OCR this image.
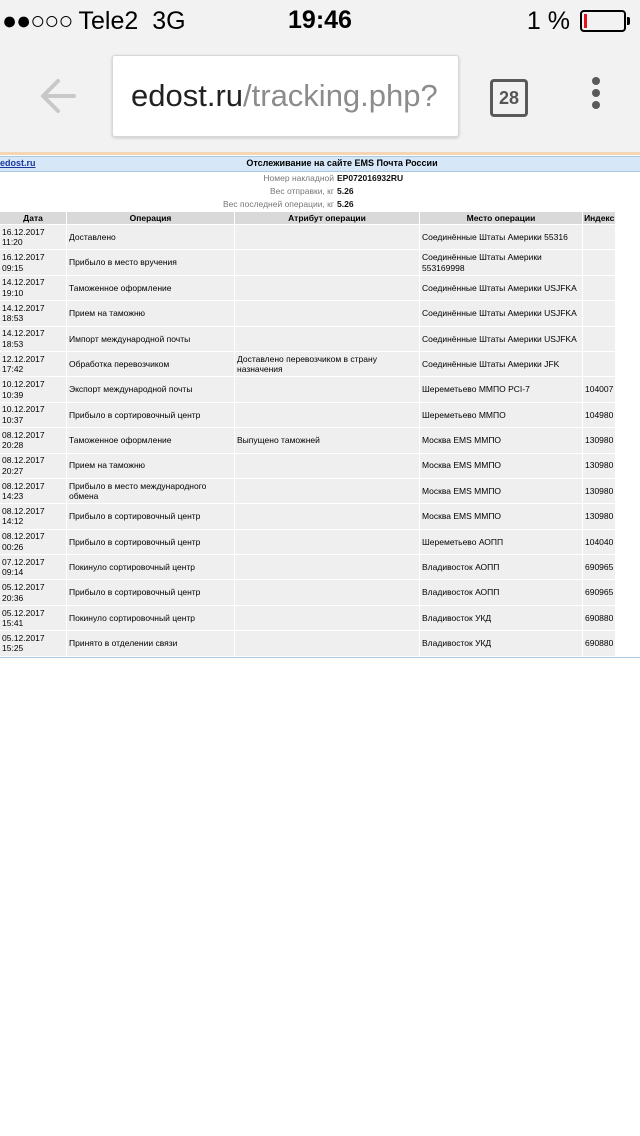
●●○○○ Tele2 3G	19:46	1 %
edost.ru/tracking.php?	28
Отслеживание на сайте EMS Почта России
edost.ru
Номер накладной EP072016932RU
Вес отправки, кг 5.26
Вес последней операции, кг 5.26
Дата	Операция	Атрибут операции	Место операции	Индекс
16.12.2017
11:20	Доставлено		Соединённые Штаты Америки 55316	
16.12.2017
09:15	Прибыло в место вручения		Соединённые Штаты Америки 553169998	
14.12.2017
19:10	Таможенное оформление		Соединённые Штаты Америки USJFKA	
14.12.2017
18:53	Прием на таможню		Соединённые Штаты Америки USJFKA	
14.12.2017
18:53	Импорт международной почты		Соединённые Штаты Америки USJFKA	
12.12.2017
17:42	Обработка перевозчиком	Доставлено перевозчиком в страну назначения	Соединённые Штаты Америки JFK	
10.12.2017
10:39	Экспорт международной почты		Шереметьево ММПО PCI-7	104007
10.12.2017
10:37	Прибыло в сортировочный центр		Шереметьево ММПО	104980
08.12.2017
20:28	Таможенное оформление	Выпущено таможней	Москва EMS ММПО	130980
08.12.2017
20:27	Прием на таможню		Москва EMS ММПО	130980
08.12.2017
14:23	Прибыло в место международного обмена		Москва EMS ММПО	130980
08.12.2017
14:12	Прибыло в сортировочный центр		Москва EMS ММПО	130980
08.12.2017
00:26	Прибыло в сортировочный центр		Шереметьево АОПП	104040
07.12.2017
09:14	Покинуло сортировочный центр		Владивосток АОПП	690965
05.12.2017
20:36	Прибыло в сортировочный центр		Владивосток АОПП	690965
05.12.2017
15:41	Покинуло сортировочный центр		Владивосток УКД	690880
05.12.2017
15:25	Принято в отделении связи		Владивосток УКД	690880
